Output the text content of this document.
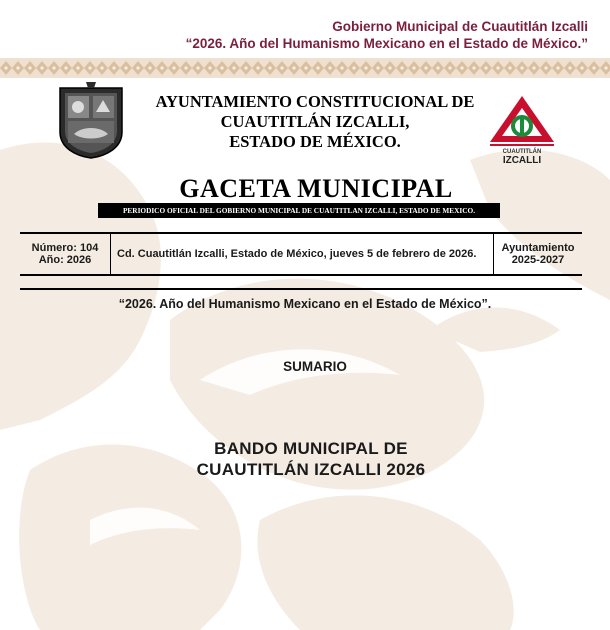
Gobierno Municipal de Cuautitlán Izcalli
“2026. Año del Humanismo Mexicano en el Estado de México.”
AYUNTAMIENTO CONSTITUCIONAL DE
CUAUTITLÁN IZCALLI,
ESTADO DE MÉXICO.
CUAUTITLÁN
IZCALLI
GACETA MUNICIPAL
PERIODICO OFICIAL DEL GOBIERNO MUNICIPAL DE CUAUTITLAN IZCALLI, ESTADO DE MEXICO.
Número: 104
Año: 2026 Cd. Cuautitlán Izcalli, Estado de México, jueves 5 de febrero de 2026.	Ayuntamiento
2025-2027
“2026. Año del Humanismo Mexicano en el Estado de México”.
SUMARIO
BANDO MUNICIPAL DE
CUAUTITLÁN IZCALLI 2026
